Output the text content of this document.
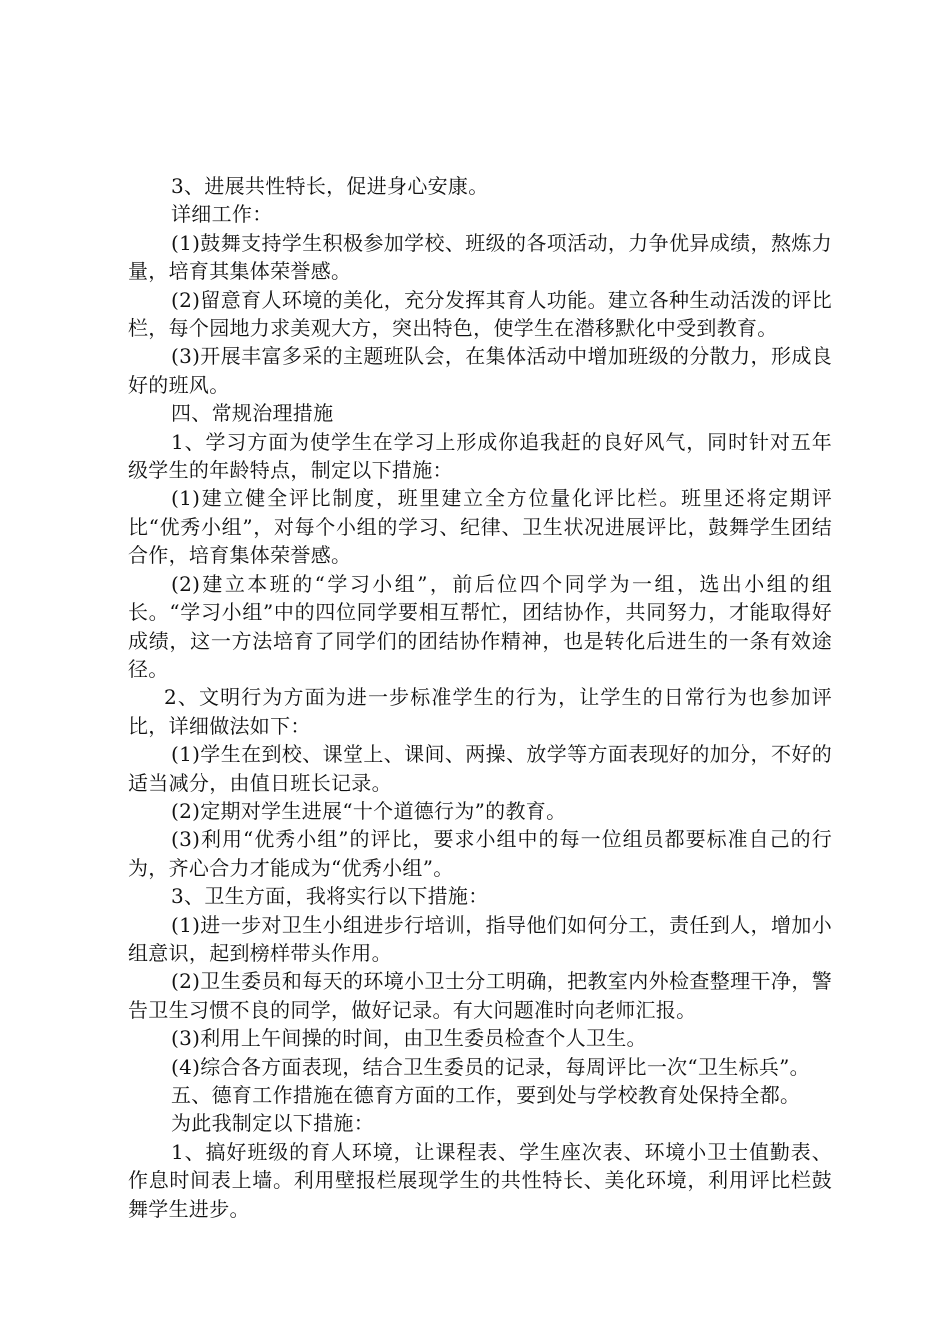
3、进展共性特长，促进身心安康。

详细工作：

(1)鼓舞支持学生积极参加学校、班级的各项活动，力争优异成绩，熬炼力量，培育其集体荣誉感。

(2)留意育人环境的美化，充分发挥其育人功能。建立各种生动活泼的评比栏，每个园地力求美观大方，突出特色，使学生在潜移默化中受到教育。

(3)开展丰富多采的主题班队会，在集体活动中增加班级的分散力，形成良好的班风。

四、常规治理措施

1、学习方面为使学生在学习上形成你追我赶的良好风气，同时针对五年级学生的年龄特点，制定以下措施：

(1)建立健全评比制度，班里建立全方位量化评比栏。班里还将定期评比“优秀小组”，对每个小组的学习、纪律、卫生状况进展评比，鼓舞学生团结合作，培育集体荣誉感。

(2)建立本班的“学习小组”，前后位四个同学为一组，选出小组的组长。“学习小组”中的四位同学要相互帮忙，团结协作，共同努力，才能取得好成绩，这一方法培育了同学们的团结协作精神，也是转化后进生的一条有效途径。

2、文明行为方面为进一步标准学生的行为，让学生的日常行为也参加评比，详细做法如下：

(1)学生在到校、课堂上、课间、两操、放学等方面表现好的加分，不好的适当减分，由值日班长记录。

(2)定期对学生进展“十个道德行为”的教育。

(3)利用“优秀小组”的评比，要求小组中的每一位组员都要标准自己的行为，齐心合力才能成为“优秀小组”。

3、卫生方面，我将实行以下措施：

(1)进一步对卫生小组进步行培训，指导他们如何分工，责任到人，增加小组意识，起到榜样带头作用。

(2)卫生委员和每天的环境小卫士分工明确，把教室内外检查整理干净，警告卫生习惯不良的同学，做好记录。有大问题准时向老师汇报。

(3)利用上午间操的时间，由卫生委员检查个人卫生。

(4)综合各方面表现，结合卫生委员的记录，每周评比一次“卫生标兵”。

五、德育工作措施在德育方面的工作，要到处与学校教育处保持全都。

为此我制定以下措施：

1、搞好班级的育人环境，让课程表、学生座次表、环境小卫士值勤表、作息时间表上墙。利用壁报栏展现学生的共性特长、美化环境，利用评比栏鼓舞学生进步。
